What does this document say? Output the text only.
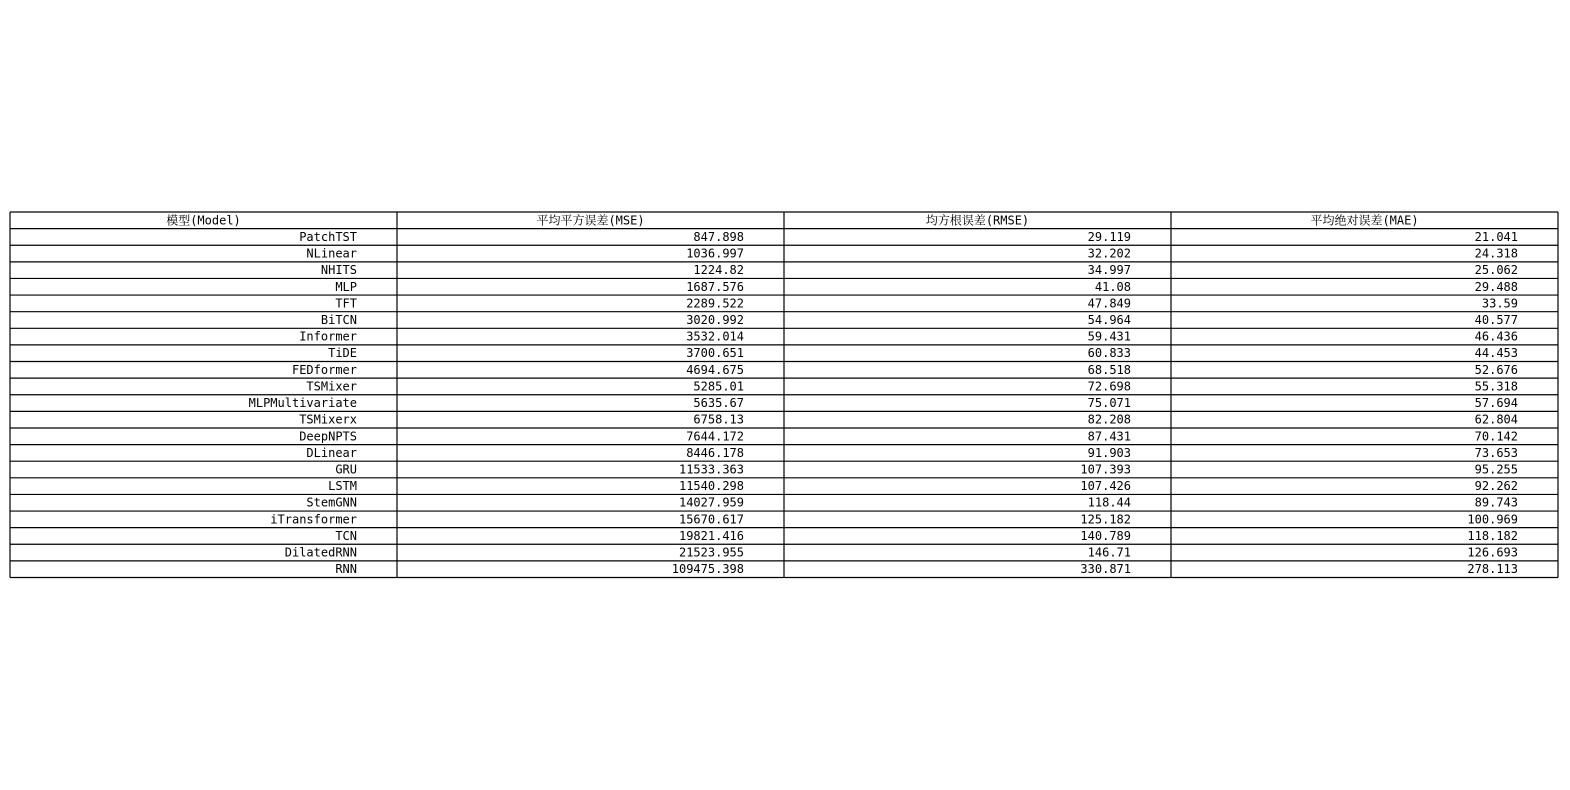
模型(Model)	平均平方误差(MSE)	均方根误差(RMSE)	平均绝对误差(MAE)
PatchTST	847.898	29.119	21.041
NLinear	1036.997	32.202	24.318
NHITS	1224.82	34.997	25.062
MLP	1687.576	41.08	29.488
TFT	2289.522	47.849	33.59
BiTCN	3020.992	54.964	40.577
Informer	3532.014	59.431	46.436
TiDE	3700.651	60.833	44.453
FEDformer	4694.675	68.518	52.676
TSMixer	5285.01	72.698	55.318
MLPMultivariate	5635.67	75.071	57.694
TSMixerx	6758.13	82.208	62.804
DeepNPTS	7644.172	87.431	70.142
DLinear	8446.178	91.903	73.653
GRU	11533.363	107.393	95.255
LSTM	11540.298	107.426	92.262
StemGNN	14027.959	118.44	89.743
iTransformer	15670.617	125.182	100.969
TCN	19821.416	140.789	118.182
DilatedRNN	21523.955	146.71	126.693
RNN	109475.398	330.871	278.113
